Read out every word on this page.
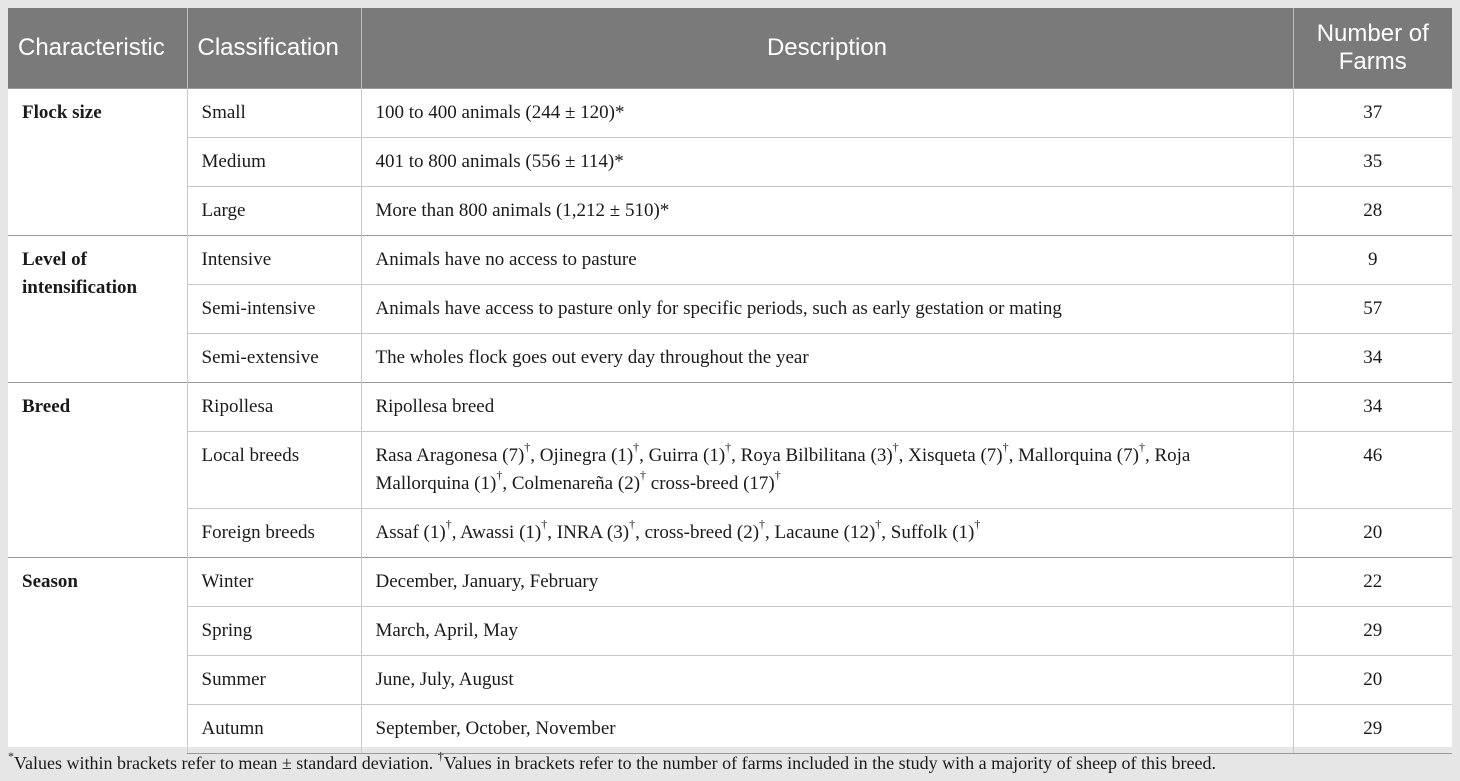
Characteristic	Classification	Description	Number of Farms
Flock size	Small	100 to 400 animals (244 ± 120)*	37
	Medium	401 to 800 animals (556 ± 114)*	35
	Large	More than 800 animals (1,212 ± 510)*	28
Level of intensification	Intensive	Animals have no access to pasture	9
	Semi-intensive	Animals have access to pasture only for specific periods, such as early gestation or mating	57
	Semi-extensive	The wholes flock goes out every day throughout the year	34
Breed	Ripollesa	Ripollesa breed	34
	Local breeds	Rasa Aragonesa (7)†, Ojinegra (1)†, Guirra (1)†, Roya Bilbilitana (3)†, Xisqueta (7)†, Mallorquina (7)†, Roja Mallorquina (1)†, Colmenareña (2)† cross-breed (17)†	46
	Foreign breeds	Assaf (1)†, Awassi (1)†, INRA (3)†, cross-breed (2)†, Lacaune (12)†, Suffolk (1)†	20
Season	Winter	December, January, February	22
	Spring	March, April, May	29
	Summer	June, July, August	20
	Autumn	September, October, November	29
*Values within brackets refer to mean ± standard deviation. †Values in brackets refer to the number of farms included in the study with a majority of sheep of this breed.
